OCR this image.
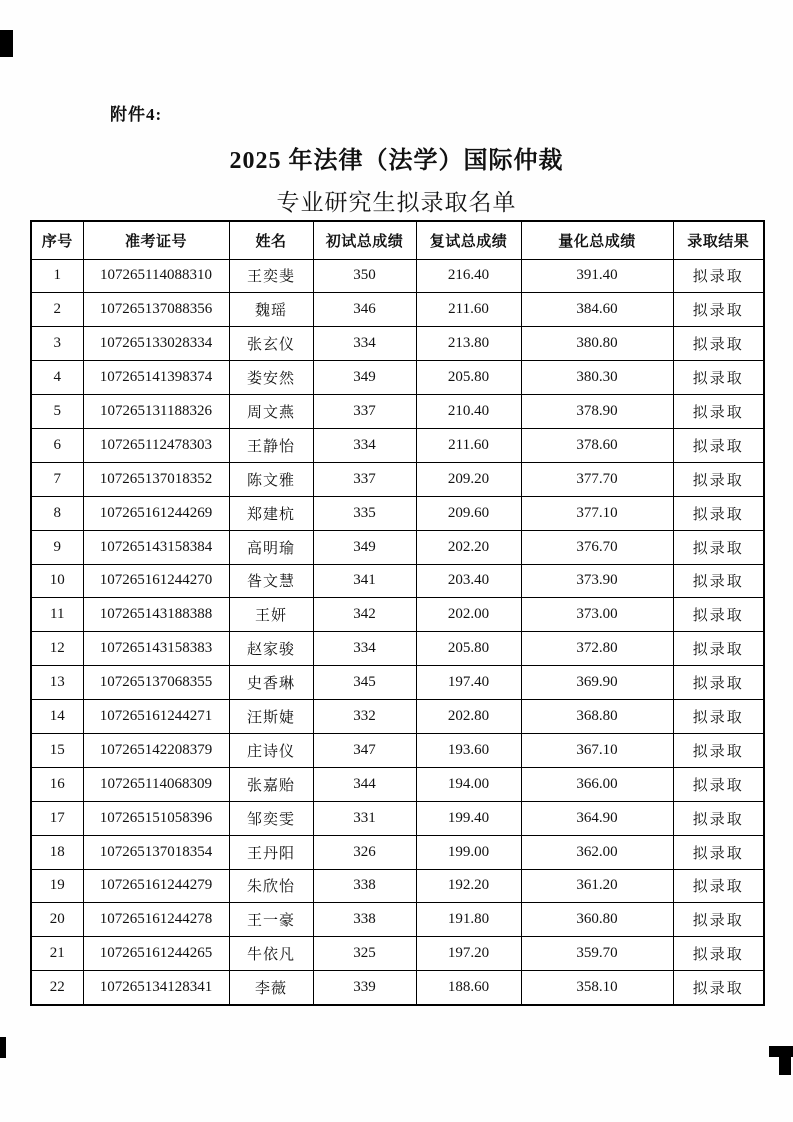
附件4:
2025 年法律（法学）国际仲裁
专业研究生拟录取名单
序号	准考证号	姓名	初试总成绩	复试总成绩	量化总成绩	录取结果
1	107265114088310	王奕斐	350	216.40	391.40	拟录取
2	107265137088356	魏瑶	346	211.60	384.60	拟录取
3	107265133028334	张玄仪	334	213.80	380.80	拟录取
4	107265141398374	娄安然	349	205.80	380.30	拟录取
5	107265131188326	周文燕	337	210.40	378.90	拟录取
6	107265112478303	王静怡	334	211.60	378.60	拟录取
7	107265137018352	陈文雅	337	209.20	377.70	拟录取
8	107265161244269	郑建杭	335	209.60	377.10	拟录取
9	107265143158384	高明瑜	349	202.20	376.70	拟录取
10	107265161244270	昝文慧	341	203.40	373.90	拟录取
11	107265143188388	王妍	342	202.00	373.00	拟录取
12	107265143158383	赵家骏	334	205.80	372.80	拟录取
13	107265137068355	史香琳	345	197.40	369.90	拟录取
14	107265161244271	汪斯婕	332	202.80	368.80	拟录取
15	107265142208379	庄诗仪	347	193.60	367.10	拟录取
16	107265114068309	张嘉贻	344	194.00	366.00	拟录取
17	107265151058396	邹奕雯	331	199.40	364.90	拟录取
18	107265137018354	王丹阳	326	199.00	362.00	拟录取
19	107265161244279	朱欣怡	338	192.20	361.20	拟录取
20	107265161244278	王一豪	338	191.80	360.80	拟录取
21	107265161244265	牛依凡	325	197.20	359.70	拟录取
22	107265134128341	李薇	339	188.60	358.10	拟录取
